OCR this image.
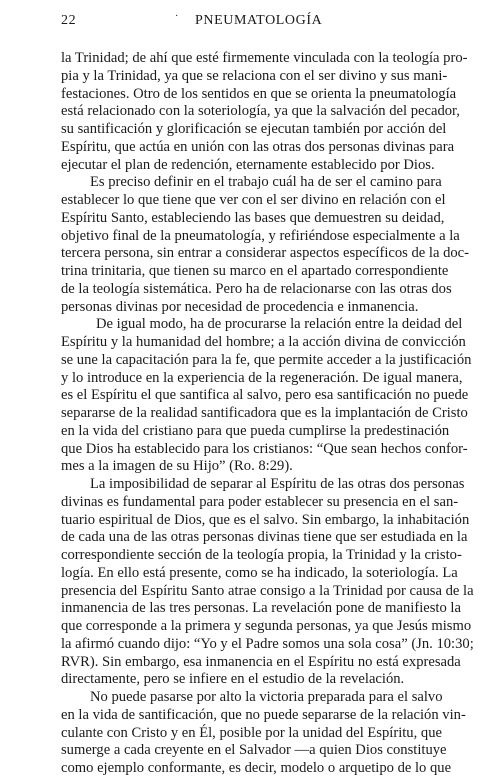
22	· PNEUMATOLOGÍA
la Trinidad; de ahí que esté firmemente vinculada con la teología pro-
pia y la Trinidad, ya que se relaciona con el ser divino y sus mani-
festaciones. Otro de los sentidos en que se orienta la pneumatología
está relacionado con la soteriología, ya que la salvación del pecador,
su santificación y glorificación se ejecutan también por acción del
Espíritu, que actúa en unión con las otras dos personas divinas para
ejecutar el plan de redención, eternamente establecido por Dios.
Es preciso definir en el trabajo cuál ha de ser el camino para
establecer lo que tiene que ver con el ser divino en relación con el
Espíritu Santo, estableciendo las bases que demuestren su deidad,
objetivo final de la pneumatología, y refiriéndose especialmente a la
tercera persona, sin entrar a considerar aspectos específicos de la doc-
trina trinitaria, que tienen su marco en el apartado correspondiente
de la teología sistemática. Pero ha de relacionarse con las otras dos
personas divinas por necesidad de procedencia e inmanencia.
De igual modo, ha de procurarse la relación entre la deidad del
Espíritu y la humanidad del hombre; a la acción divina de convicción
se une la capacitación para la fe, que permite acceder a la justificación
y lo introduce en la experiencia de la regeneración. De igual manera,
es el Espíritu el que santifica al salvo, pero esa santificación no puede
separarse de la realidad santificadora que es la implantación de Cristo
en la vida del cristiano para que pueda cumplirse la predestinación
que Dios ha establecido para los cristianos: “Que sean hechos confor-
mes a la imagen de su Hijo” (Ro. 8:29).
La imposibilidad de separar al Espíritu de las otras dos personas
divinas es fundamental para poder establecer su presencia en el san-
tuario espiritual de Dios, que es el salvo. Sin embargo, la inhabitación
de cada una de las otras personas divinas tiene que ser estudiada en la
correspondiente sección de la teología propia, la Trinidad y la cristo-
logía. En ello está presente, como se ha indicado, la soteriología. La
presencia del Espíritu Santo atrae consigo a la Trinidad por causa de la
inmanencia de las tres personas. La revelación pone de manifiesto la
que corresponde a la primera y segunda personas, ya que Jesús mismo
la afirmó cuando dijo: “Yo y el Padre somos una sola cosa” (Jn. 10:30;
RVR). Sin embargo, esa inmanencia en el Espíritu no está expresada
directamente, pero se infiere en el estudio de la revelación.
No puede pasarse por alto la victoria preparada para el salvo
en la vida de santificación, que no puede separarse de la relación vin-
culante con Cristo y en Él, posible por la unidad del Espíritu, que
sumerge a cada creyente en el Salvador —a quien Dios constituye
como ejemplo conformante, es decir, modelo o arquetipo de lo que
